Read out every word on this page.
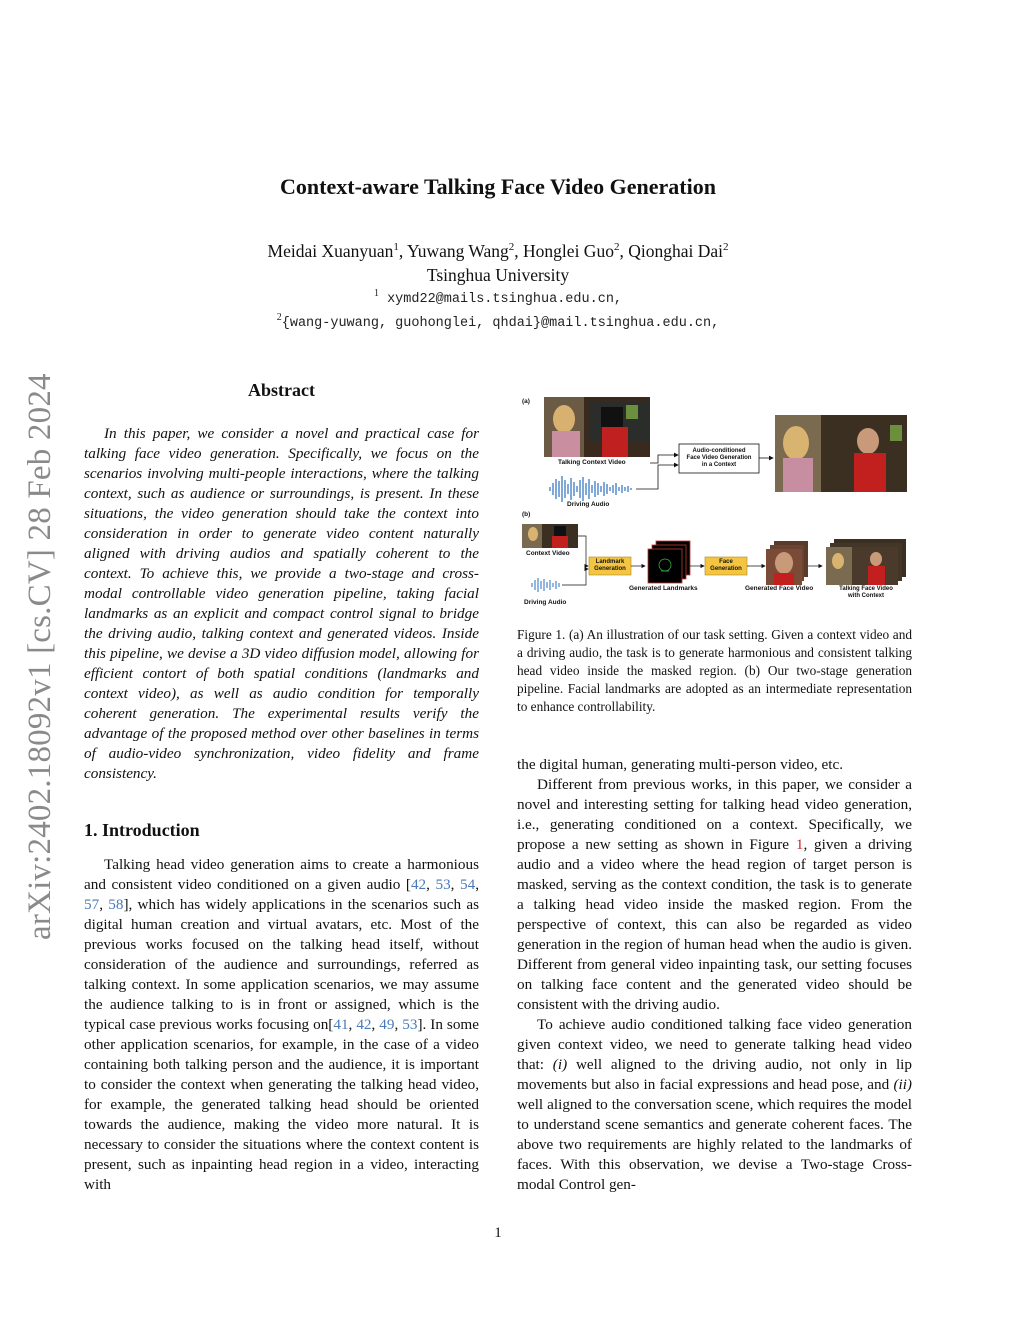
Context-aware Talking Face Video Generation
Meidai Xuanyuan$^1$, Yuwang Wang$^2$, Honglei Guo$^2$, Qionghai Dai$^2$
Tsinghua University
$^1$ xymd22@mails.tsinghua.edu.cn,
$^2${wang-yuwang, guohonglei, qhdai}@mail.tsinghua.edu.cn,
arXiv:2402.18092v1 [cs.CV] 28 Feb 2024	Abstract
In this paper, we consider a novel and practical case for talking face video generation. Specifically, we focus on the scenarios involving multi-people interactions, where the talking context, such as audience or surroundings, is present. In these situations, the video generation should take the context into consideration in order to generate video content naturally aligned with driving audios and spatially coherent to the context. To achieve this, we provide a two-stage and cross-modal controllable video generation pipeline, taking facial landmarks as an explicit and compact control signal to bridge the driving audio, talking context and generated videos. Inside this pipeline, we devise a 3D video diffusion model, allowing for efficient contort of both spatial conditions (landmarks and context video), as well as audio condition for temporally coherent generation. The experimental results verify the advantage of the proposed method over other baselines in terms of audio-video synchronization, video fidelity and frame consistency.
1. Introduction
Talking head video generation aims to create a harmonious and consistent video conditioned on a given audio [42, 53, 54, 57, 58], which has widely applications in the scenarios such as digital human creation and virtual avatars, etc. Most of the previous works focused on the talking head itself, without consideration of the audience and surroundings, referred as talking context. In some application scenarios, we may assume the audience talking to is in front or assigned, which is the typical case previous works focusing on[41, 42, 49, 53]. In some other application scenarios, for example, in the case of a video containing both talking person and the audience, it is important to consider the context when generating the talking head video, for example, the generated talking head should be oriented towards the audience, making the video more natural. It is necessary to consider the situations where the context content is present, such as inpainting head region in a video, interacting with
(a)
Talking Context Video
Driving Audio
Audio-conditioned
Face Video Generation
in a Context
(b)
Context Video
Driving Audio
Landmark
Generation
Generated Landmarks
Face
Generation
Generated Face Video	Talking Face Video
with Context
Figure 1. (a) An illustration of our task setting. Given a context video and a driving audio, the task is to generate harmonious and consistent talking head video inside the masked region. (b) Our two-stage generation pipeline. Facial landmarks are adopted as an intermediate representation to enhance controllability.
the digital human, generating multi-person video, etc.
Different from previous works, in this paper, we consider a novel and interesting setting for talking head video generation, i.e., generating conditioned on a context. Specifically, we propose a new setting as shown in Figure 1, given a driving audio and a video where the head region of target person is masked, serving as the context condition, the task is to generate a talking head video inside the masked region. From the perspective of context, this can also be regarded as video generation in the region of human head when the audio is given. Different from general video inpainting task, our setting focuses on talking face content and the generated video should be consistent with the driving audio.
To achieve audio conditioned talking face video generation given context video, we need to generate talking head video that: (i) well aligned to the driving audio, not only in lip movements but also in facial expressions and head pose, and (ii) well aligned to the conversation scene, which requires the model to understand scene semantics and generate coherent faces. The above two requirements are highly related to the landmarks of faces. With this observation, we devise a Two-stage Cross-modal Control gen-
1
